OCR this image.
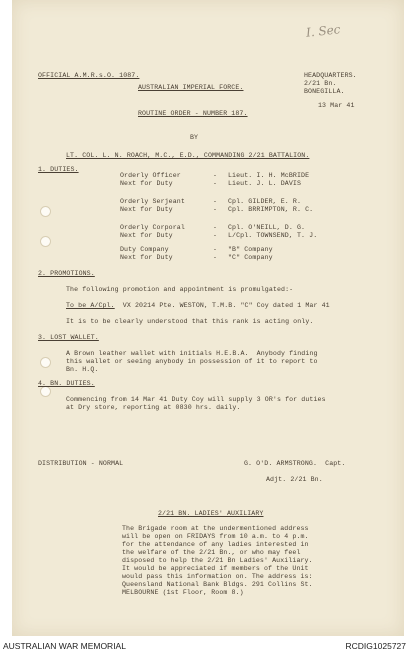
I. Sec
OFFICIAL A.M.R.s.O. 1087.	HEADQUARTERS.
2/21 Bn.
BONEGILLA.
AUSTRALIAN IMPERIAL FORCE.
ROUTINE ORDER - NUMBER 187.
13 Mar 41
BY
LT. COL. L. N. ROACH, M.C., E.D., COMMANDING 2/21 BATTALION.
1. DUTIES.
Orderly Officer	- Lieut. I. H. McBRIDE
Next for Duty	- Lieut. J. L. DAVIS
Orderly Serjeant	- Cpl. GILDER, E. R.
Next for Duty	- Cpl. BRRIMPTON, R. C.
Orderly Corporal	- Cpl. O'NEILL, D. G.
Next for Duty	- L/Cpl. TOWNSEND, T. J.
Duty Company	- "B" Company
Next for Duty	- "C" Company
2. PROMOTIONS.
The following promotion and appointment is promulgated:-
To be A/Cpl.  VX 20214 Pte. WESTON, T.M.B. "C" Coy dated 1 Mar 41
It is to be clearly understood that this rank is acting only.
3. LOST WALLET.
A Brown leather wallet with initials H.E.B.A.  Anybody finding
this wallet or seeing anybody in possession of it to report to
Bn. H.Q.
4. BN. DUTIES.
Commencing from 14 Mar 41 Duty Coy will supply 3 OR's for duties
at Dry store, reporting at 0830 hrs. daily.
DISTRIBUTION - NORMAL	G. O'D. ARMSTRONG.  Capt.
Adjt. 2/21 Bn.
2/21 BN. LADIES' AUXILIARY
The Brigade room at the undermentioned address
will be open on FRIDAYS from 10 a.m. to 4 p.m.
for the attendance of any ladies interested in
the welfare of the 2/21 Bn., or who may feel
disposed to help the 2/21 Bn Ladies' Auxiliary.
It would be appreciated if members of the Unit
would pass this information on. The address is:
Queensland National Bank Bldgs. 291 Collins St.
MELBOURNE (1st Floor, Room 8.)
AUSTRALIAN WAR MEMORIAL	RCDIG1025727
